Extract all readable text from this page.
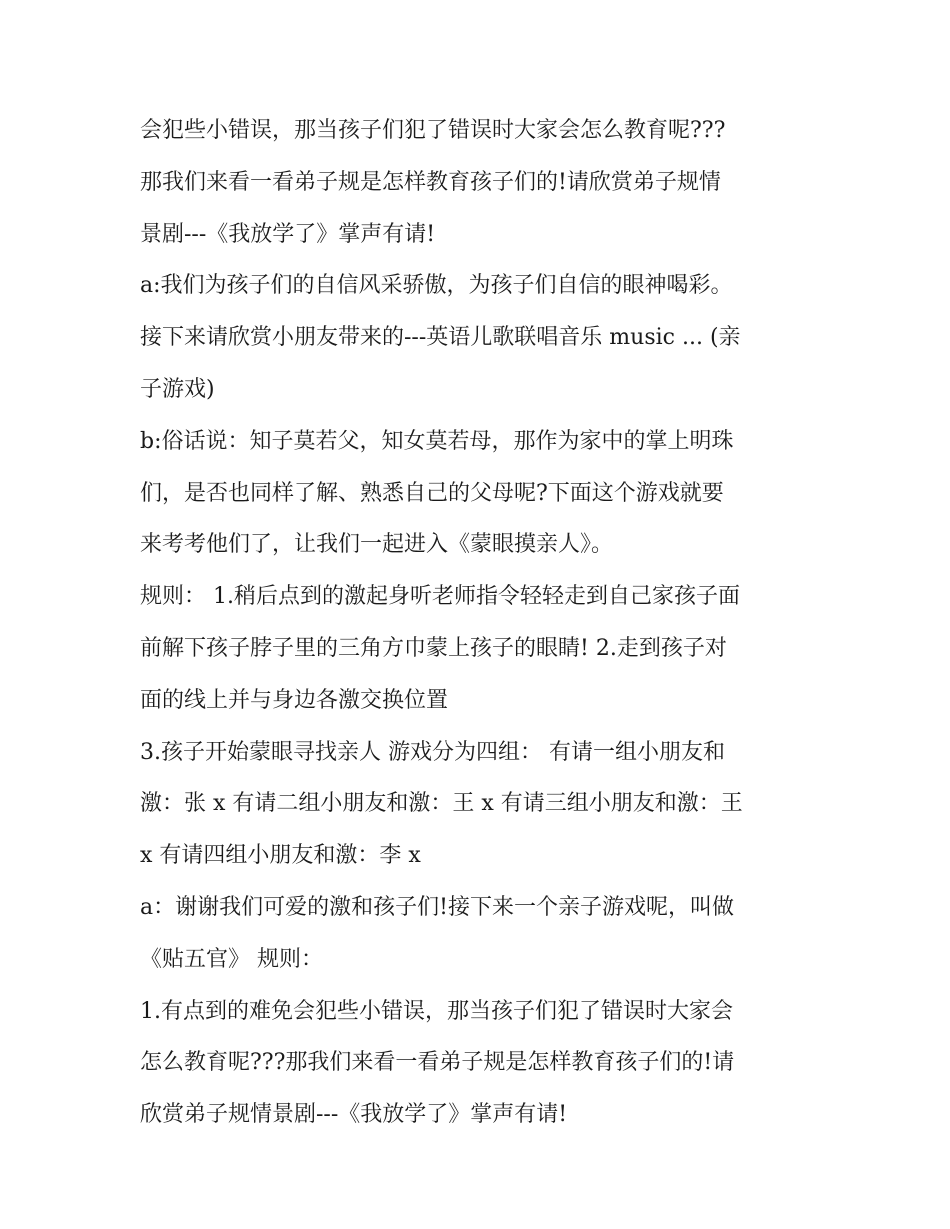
会犯些小错误，那当孩子们犯了错误时大家会怎么教育呢???
那我们来看一看弟子规是怎样教育孩子们的!请欣赏弟子规情
景剧---《我放学了》掌声有请!
a:我们为孩子们的自信风采骄傲，为孩子们自信的眼神喝彩。
接下来请欣赏小朋友带来的---英语儿歌联唱音乐 music ... (亲
子游戏)
b:俗话说：知子莫若父，知女莫若母，那作为家中的掌上明珠
们，是否也同样了解、熟悉自己的父母呢?下面这个游戏就要
来考考他们了，让我们一起进入《蒙眼摸亲人》。
规则： 1.稍后点到的激起身听老师指令轻轻走到自己家孩子面
前解下孩子脖子里的三角方巾蒙上孩子的眼睛! 2.走到孩子对
面的线上并与身边各激交换位置
3.孩子开始蒙眼寻找亲人 游戏分为四组： 有请一组小朋友和
激：张 x 有请二组小朋友和激：王 x 有请三组小朋友和激：王
x 有请四组小朋友和激：李 x
a：谢谢我们可爱的激和孩子们!接下来一个亲子游戏呢，叫做
《贴五官》 规则：
1.有点到的难免会犯些小错误，那当孩子们犯了错误时大家会
怎么教育呢???那我们来看一看弟子规是怎样教育孩子们的!请
欣赏弟子规情景剧---《我放学了》掌声有请!
